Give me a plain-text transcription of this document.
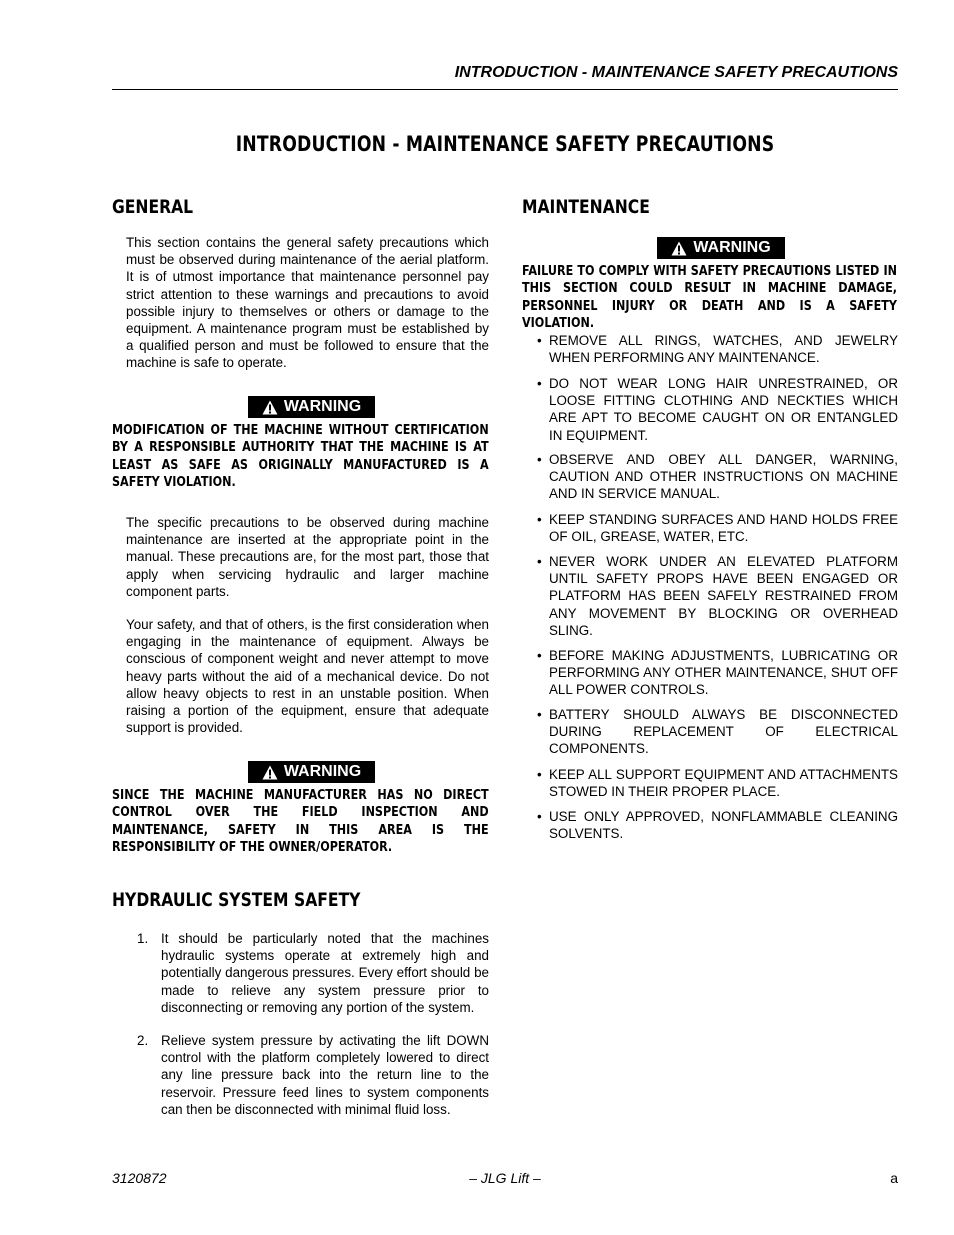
INTRODUCTION - MAINTENANCE SAFETY PRECAUTIONS
INTRODUCTION - MAINTENANCE SAFETY PRECAUTIONS
GENERAL

This section contains the general safety precautions which must be observed during maintenance of the aerial platform. It is of utmost importance that maintenance personnel pay strict attention to these warnings and precautions to avoid possible injury to themselves or others or damage to the equipment. A maintenance program must be established by a qualified person and must be followed to ensure that the machine is safe to operate.

WARNING

MODIFICATION OF THE MACHINE WITHOUT CERTIFICATION BY A RESPONSIBLE AUTHORITY THAT THE MACHINE IS AT LEAST AS SAFE AS ORIGINALLY MANUFACTURED IS A SAFETY VIOLATION.

The specific precautions to be observed during machine maintenance are inserted at the appropriate point in the manual. These precautions are, for the most part, those that apply when servicing hydraulic and larger machine component parts.

Your safety, and that of others, is the first consideration when engaging in the maintenance of equipment. Always be conscious of component weight and never attempt to move heavy parts without the aid of a mechanical device. Do not allow heavy objects to rest in an unstable position. When raising a portion of the equipment, ensure that adequate support is provided.

WARNING

SINCE THE MACHINE MANUFACTURER HAS NO DIRECT CONTROL OVER THE FIELD INSPECTION AND MAINTENANCE, SAFETY IN THIS AREA IS THE RESPONSIBILITY OF THE OWNER/OPERATOR.

HYDRAULIC SYSTEM SAFETY
1. It should be particularly noted that the machines hydraulic systems operate at extremely high and potentially dangerous pressures. Every effort should be made to relieve any system pressure prior to disconnecting or removing any portion of the system.
2. Relieve system pressure by activating the lift DOWN control with the platform completely lowered to direct any line pressure back into the return line to the reservoir. Pressure feed lines to system components can then be disconnected with minimal fluid loss.
MAINTENANCE
WARNING

FAILURE TO COMPLY WITH SAFETY PRECAUTIONS LISTED IN THIS SECTION COULD RESULT IN MACHINE DAMAGE, PERSONNEL INJURY OR DEATH AND IS A SAFETY VIOLATION.

• REMOVE ALL RINGS, WATCHES, AND JEWELRY WHEN PERFORMING ANY MAINTENANCE.
• DO NOT WEAR LONG HAIR UNRESTRAINED, OR LOOSE FITTING CLOTHING AND NECKTIES WHICH ARE APT TO BECOME CAUGHT ON OR ENTANGLED IN EQUIPMENT.
• OBSERVE AND OBEY ALL DANGER, WARNING, CAUTION AND OTHER INSTRUCTIONS ON MACHINE AND IN SERVICE MANUAL.
• KEEP STANDING SURFACES AND HAND HOLDS FREE OF OIL, GREASE, WATER, ETC.
• NEVER WORK UNDER AN ELEVATED PLATFORM UNTIL SAFETY PROPS HAVE BEEN ENGAGED OR PLATFORM HAS BEEN SAFELY RESTRAINED FROM ANY MOVEMENT BY BLOCKING OR OVERHEAD SLING.
• BEFORE MAKING ADJUSTMENTS, LUBRICATING OR PERFORMING ANY OTHER MAINTENANCE, SHUT OFF ALL POWER CONTROLS.
• BATTERY SHOULD ALWAYS BE DISCONNECTED DURING REPLACEMENT OF ELECTRICAL COMPONENTS.
• KEEP ALL SUPPORT EQUIPMENT AND ATTACHMENTS STOWED IN THEIR PROPER PLACE.
• USE ONLY APPROVED, NONFLAMMABLE CLEANING SOLVENTS.
3120872	– JLG Lift –	a
